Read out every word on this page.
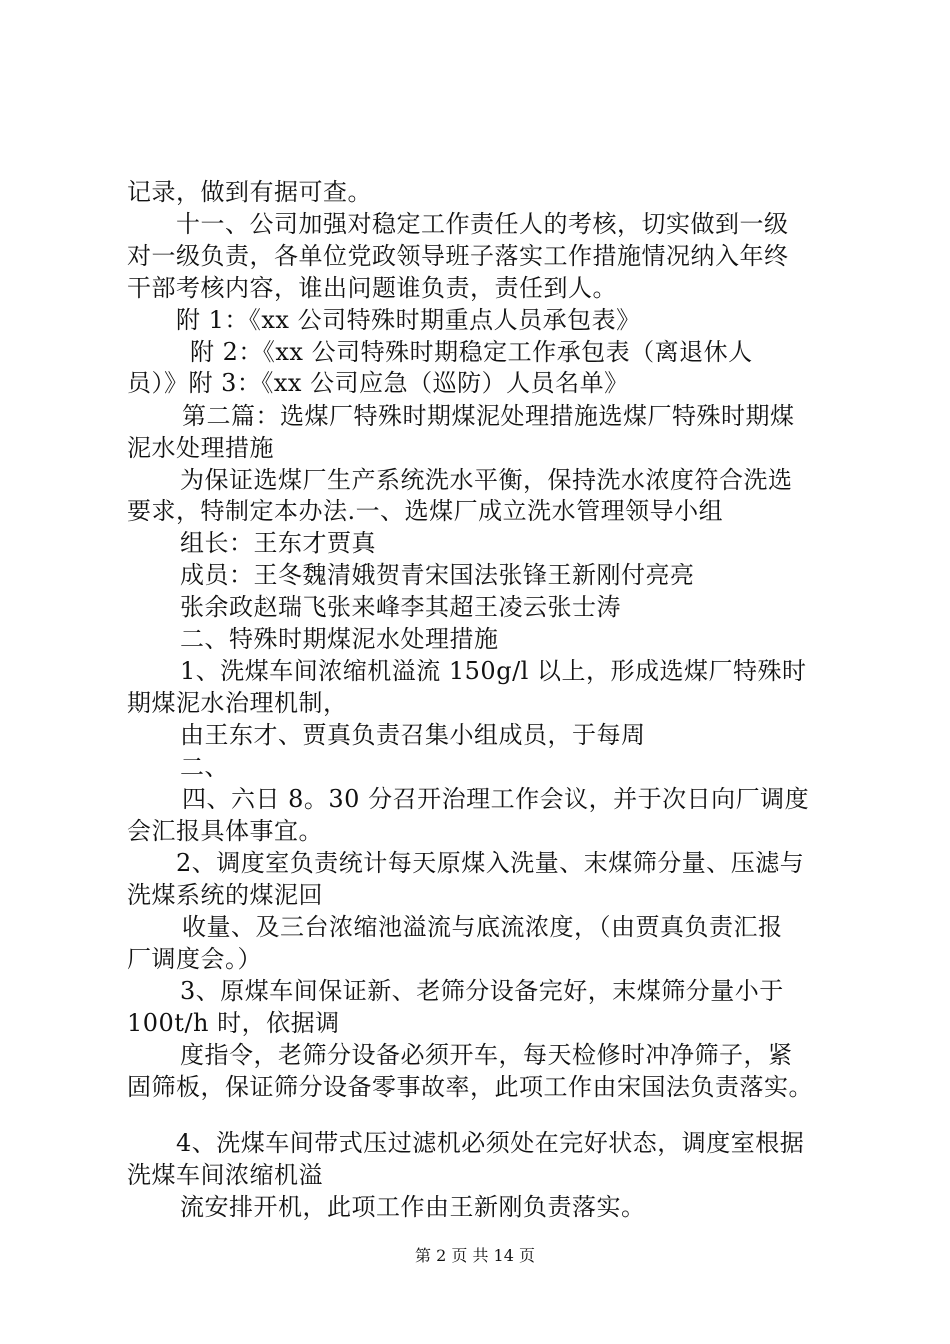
记录，做到有据可查。
十一、公司加强对稳定工作责任人的考核，切实做到一级
对一级负责，各单位党政领导班子落实工作措施情况纳入年终
干部考核内容，谁出问题谁负责，责任到人。
附 1：《xx 公司特殊时期重点人员承包表》
附 2：《xx 公司特殊时期稳定工作承包表（离退休人
员）》附 3：《xx 公司应急（巡防）人员名单》
第二篇：选煤厂特殊时期煤泥处理措施选煤厂特殊时期煤
泥水处理措施
为保证选煤厂生产系统洗水平衡，保持洗水浓度符合洗选
要求，特制定本办法.一、选煤厂成立洗水管理领导小组
组长：王东才贾真
成员：王冬魏清娥贺青宋国法张锋王新刚付亮亮
张余政赵瑞飞张来峰李其超王凌云张士涛
二、特殊时期煤泥水处理措施
1、洗煤车间浓缩机溢流 150g/l 以上，形成选煤厂特殊时
期煤泥水治理机制，
由王东才、贾真负责召集小组成员，于每周
二、
四、六日 8。30 分召开治理工作会议，并于次日向厂调度
会汇报具体事宜。
2、调度室负责统计每天原煤入洗量、末煤筛分量、压滤与
洗煤系统的煤泥回
收量、及三台浓缩池溢流与底流浓度，（由贾真负责汇报
厂调度会。）
3、原煤车间保证新、老筛分设备完好，末煤筛分量小于
100t/h 时，依据调
度指令，老筛分设备必须开车，每天检修时冲净筛子，紧
固筛板，保证筛分设备零事故率，此项工作由宋国法负责落实。
4、洗煤车间带式压过滤机必须处在完好状态，调度室根据
洗煤车间浓缩机溢
流安排开机，此项工作由王新刚负责落实。
第 2 页 共 14 页
